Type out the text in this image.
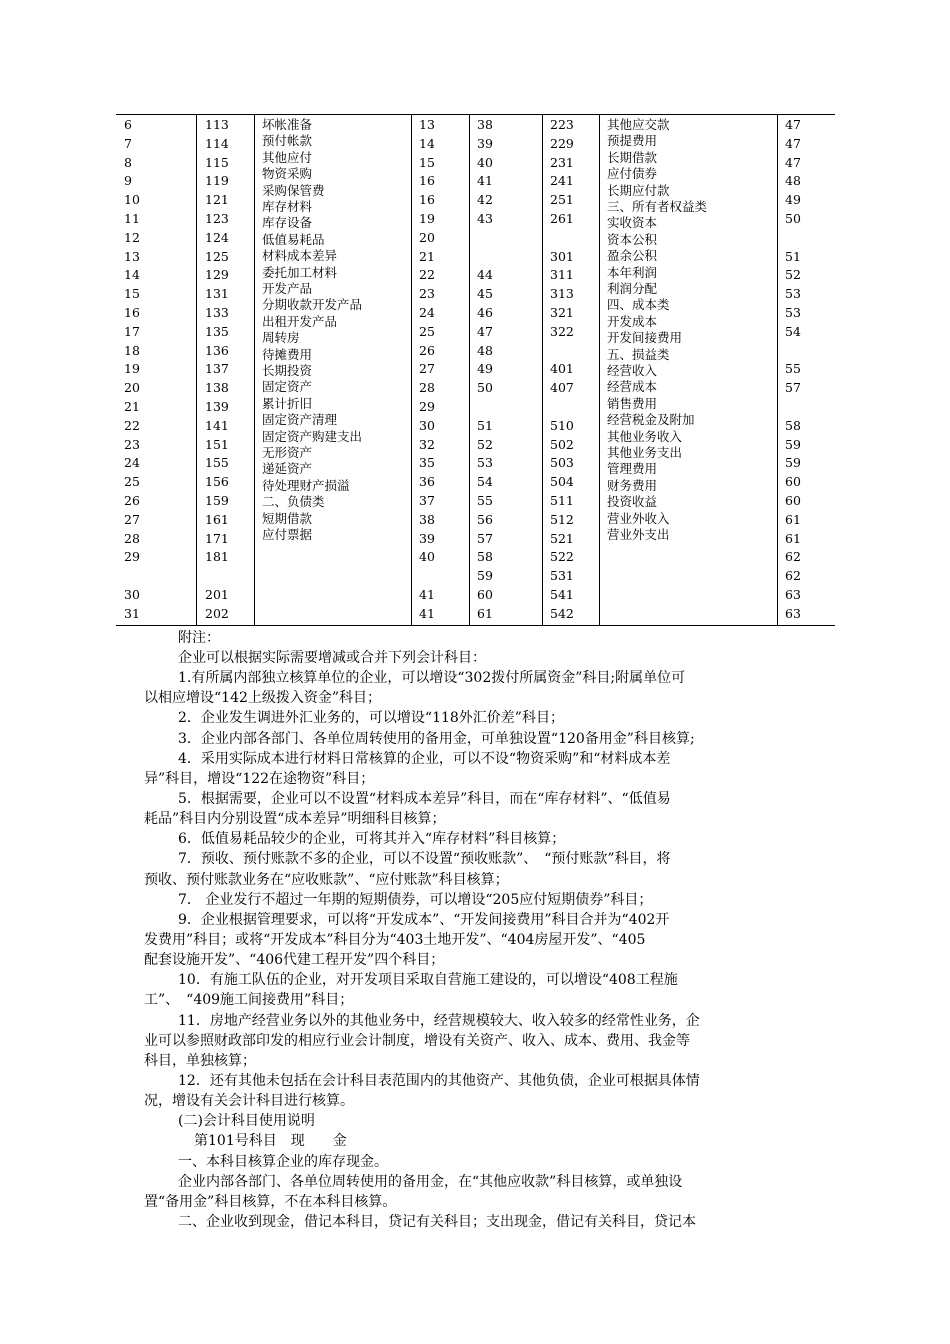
6
7
8
9
10
11
12
13
14
15
16
17
18
19
20
21
22
23
24
25
26
27
28
29
30
31
113
114
115
119
121
123
124
125
129
131
133
135
136
137
138
139
141
151
155
156
159
161
171
181
201
202
坏帐准备
预付帐款
其他应付
物资采购
采购保管费
库存材料
库存设备
低值易耗品
材料成本差异
委托加工材料
开发产品
分期收款开发产品
出租开发产品
周转房
待摊费用
长期投资
固定资产
累计折旧
固定资产清理
固定资产购建支出
无形资产
递延资产
待处理财产损溢
二、负债类
短期借款
应付票据
13
14
15
16
16
19
20
21
22
23
24
25
26
27
28
29
30
32
35
36
37
38
39
40
41
41
38
39
40
41
42
43
44
45
46
47
48
49
50
51
52
53
54
55
56
57
58
59
60
61
223
229
231
241
251
261
301
311
313
321
322
401
407
510
502
503
504
511
512
521
522
531
541
542
其他应交款
预提费用
长期借款
应付债券
长期应付款
三、所有者权益类
实收资本
资本公积
盈余公积
本年利润
利润分配
四、成本类
开发成本
开发间接费用
五、损益类
经营收入
经营成本
销售费用
经营税金及附加
其他业务收入
其他业务支出
管理费用
财务费用
投资收益
营业外收入
营业外支出
47
47
47
48
49
50
51
52
53
53
54
55
57
58
59
59
60
60
61
61
62
62
63
63
附注：
企业可以根据实际需要增减或合并下列会计科目：
1.有所属内部独立核算单位的企业，可以增设“302拨付所属资金”科目;附属单位可
以相应增设“142上级拨入资金”科目；
2．企业发生调进外汇业务的，可以增设“118外汇价差”科目；
3．企业内部各部门、各单位周转使用的备用金，可单独设置“120备用金”科目核算;
4．采用实际成本进行材料日常核算的企业，可以不设“物资采购”和“材料成本差
异”科目，增设“122在途物资”科目；
5．根据需要，企业可以不设置“材料成本差异”科目，而在“库存材料”、“低值易
耗品”科目内分别设置“成本差异”明细科目核算；
6．低值易耗品较少的企业，可将其并入“库存材料”科目核算；
7．预收、预付账款不多的企业，可以不设置“预收账款”、　“预付账款”科目，将
预收、预付账款业务在“应收账款”、“应付账款”科目核算；
7． 企业发行不超过一年期的短期债券，可以增设“205应付短期债券”科目；
9．企业根据管理要求，可以将“开发成本”、“开发间接费用”科目合并为“402开
发费用”科目；或将“开发成本”科目分为“403土地开发”、“404房屋开发”、“405
配套设施开发”、“406代建工程开发”四个科目；
10．有施工队伍的企业，对开发项目采取自营施工建设的，可以增设“408工程施
工”、　“409施工间接费用”科目；
11．房地产经营业务以外的其他业务中，经营规模较大、收入较多的经常性业务，企
业可以参照财政部印发的相应行业会计制度，增设有关资产、收入、成本、费用、我金等
科目，单独核算；
12．还有其他未包括在会计科目表范围内的其他资产、其他负债，企业可根据具体情
况，增设有关会计科目进行核算。
(二)会计科目使用说明
第101号科目　现　　金
一、本科目核算企业的库存现金。
企业内部各部门、各单位周转使用的备用金，在“其他应收款”科目核算，或单独设
置“备用金”科目核算，不在本科目核算。
二、企业收到现金，借记本科目，贷记有关科目；支出现金，借记有关科目，贷记本
